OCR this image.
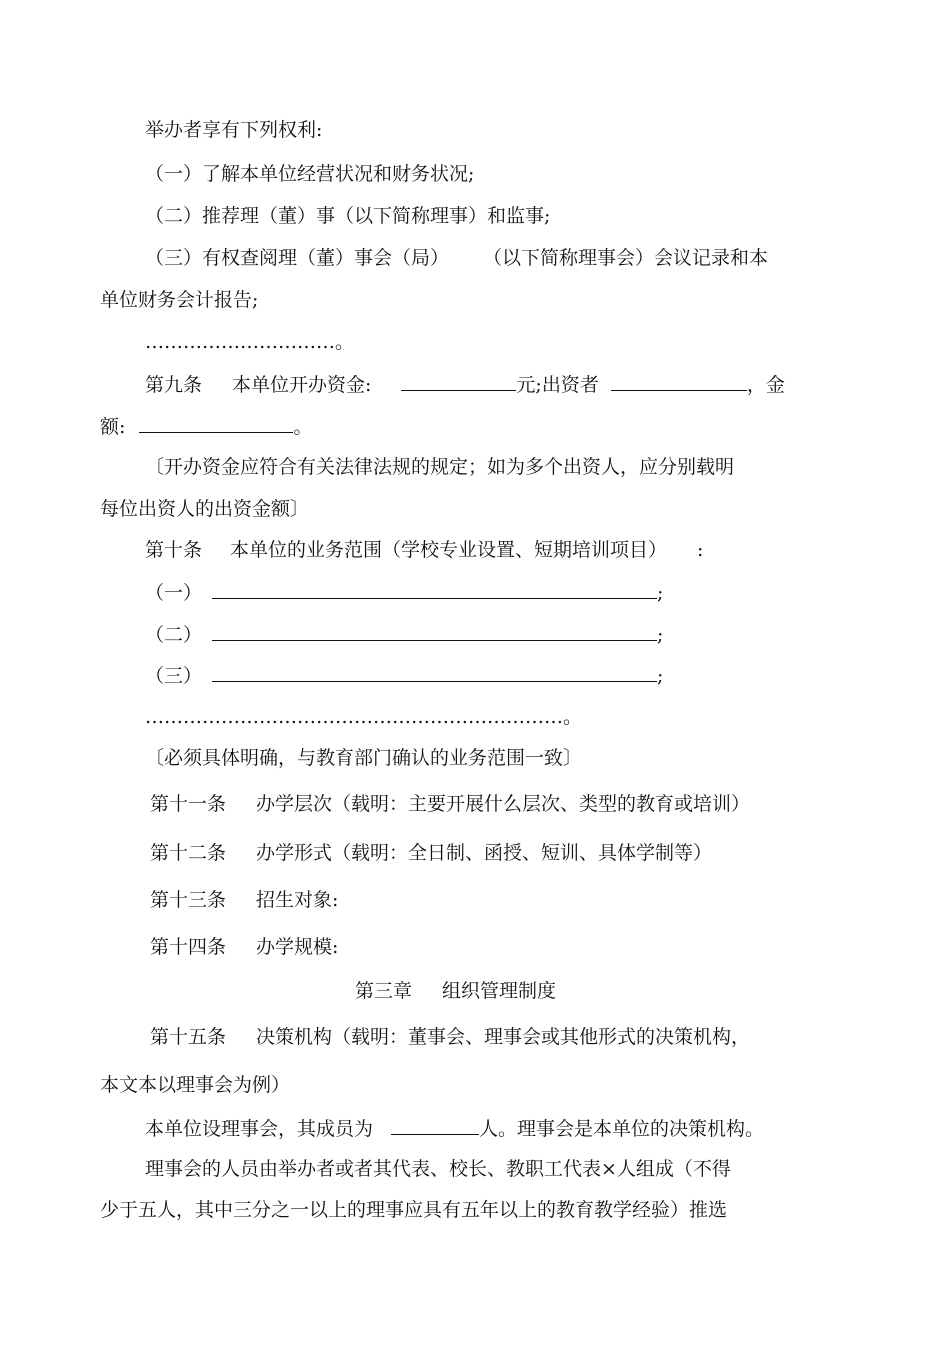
举办者享有下列权利:
（一）了解本单位经营状况和财务状况;
（二）推荐理（董）事（以下简称理事）和监事;
（三）有权查阅理（董）事会（局） （以下简称理事会）会议记录和本
单位财务会计报告;
…………………………。
第九条 本单位开办资金:	元;出资者	，金
额:	。
〔开办资金应符合有关法律法规的规定；如为多个出资人，应分别载明
每位出资人的出资金额〕
第十条 本单位的业务范围（学校专业设置、短期培训项目） :
（一）	;
（二）	;
（三）	;
…………………………………………………………。
〔必须具体明确，与教育部门确认的业务范围一致〕
第十一条 办学层次（载明：主要开展什么层次、类型的教育或培训）
第十二条 办学形式（载明：全日制、函授、短训、具体学制等）
第十三条 招生对象:
第十四条 办学规模:
第三章 组织管理制度
第十五条 决策机构（载明：董事会、理事会或其他形式的决策机构，
本文本以理事会为例）
本单位设理事会，其成员为	人。理事会是本单位的决策机构。
理事会的人员由举办者或者其代表、校长、教职工代表×人组成（不得
少于五人，其中三分之一以上的理事应具有五年以上的教育教学经验）推选
